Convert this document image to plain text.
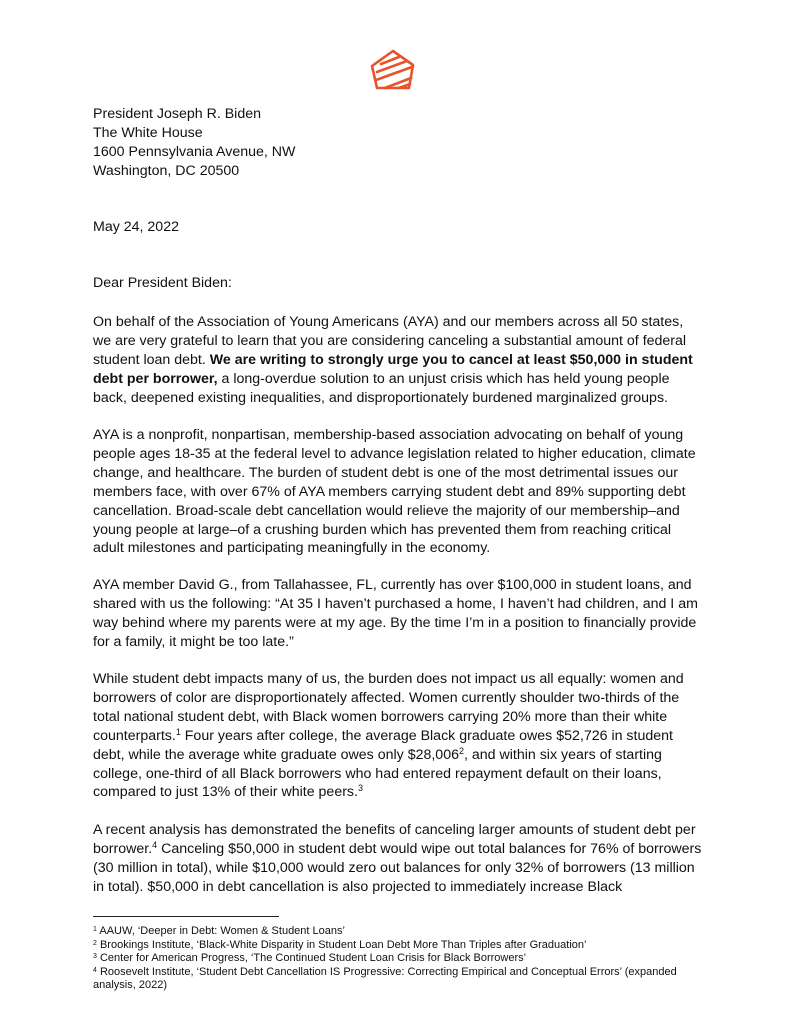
President Joseph R. Biden
The White House
1600 Pennsylvania Avenue, NW
Washington, DC 20500

May 24, 2022

Dear President Biden:

On behalf of the Association of Young Americans (AYA) and our members across all 50 states, we are very grateful to learn that you are considering canceling a substantial amount of federal student loan debt. We are writing to strongly urge you to cancel at least $50,000 in student debt per borrower, a long-overdue solution to an unjust crisis which has held young people back, deepened existing inequalities, and disproportionately burdened marginalized groups.

AYA is a nonprofit, nonpartisan, membership-based association advocating on behalf of young people ages 18-35 at the federal level to advance legislation related to higher education, climate change, and healthcare. The burden of student debt is one of the most detrimental issues our members face, with over 67% of AYA members carrying student debt and 89% supporting debt cancellation. Broad-scale debt cancellation would relieve the majority of our membership–and young people at large–of a crushing burden which has prevented them from reaching critical adult milestones and participating meaningfully in the economy.

AYA member David G., from Tallahassee, FL, currently has over $100,000 in student loans, and shared with us the following: “At 35 I haven’t purchased a home, I haven’t had children, and I am way behind where my parents were at my age. By the time I’m in a position to financially provide for a family, it might be too late.”

While student debt impacts many of us, the burden does not impact us all equally: women and borrowers of color are disproportionately affected. Women currently shoulder two-thirds of the total national student debt, with Black women borrowers carrying 20% more than their white counterparts.$^1$ Four years after college, the average Black graduate owes $52,726 in student debt, while the average white graduate owes only $28,006$^2$, and within six years of starting college, one-third of all Black borrowers who had entered repayment default on their loans, compared to just 13% of their white peers.$^3$

A recent analysis has demonstrated the benefits of canceling larger amounts of student debt per borrower.$^4$ Canceling $50,000 in student debt would wipe out total balances for 76% of borrowers (30 million in total), while $10,000 would zero out balances for only 32% of borrowers (13 million in total). $50,000 in debt cancellation is also projected to immediately increase Black

$^1$ AAUW, ‘Deeper in Debt: Women & Student Loans’
$^2$ Brookings Institute, ‘Black-White Disparity in Student Loan Debt More Than Triples after Graduation’
$^3$ Center for American Progress, ‘The Continued Student Loan Crisis for Black Borrowers’
$^4$ Roosevelt Institute, ‘Student Debt Cancellation IS Progressive: Correcting Empirical and Conceptual Errors’ (expanded analysis, 2022)
